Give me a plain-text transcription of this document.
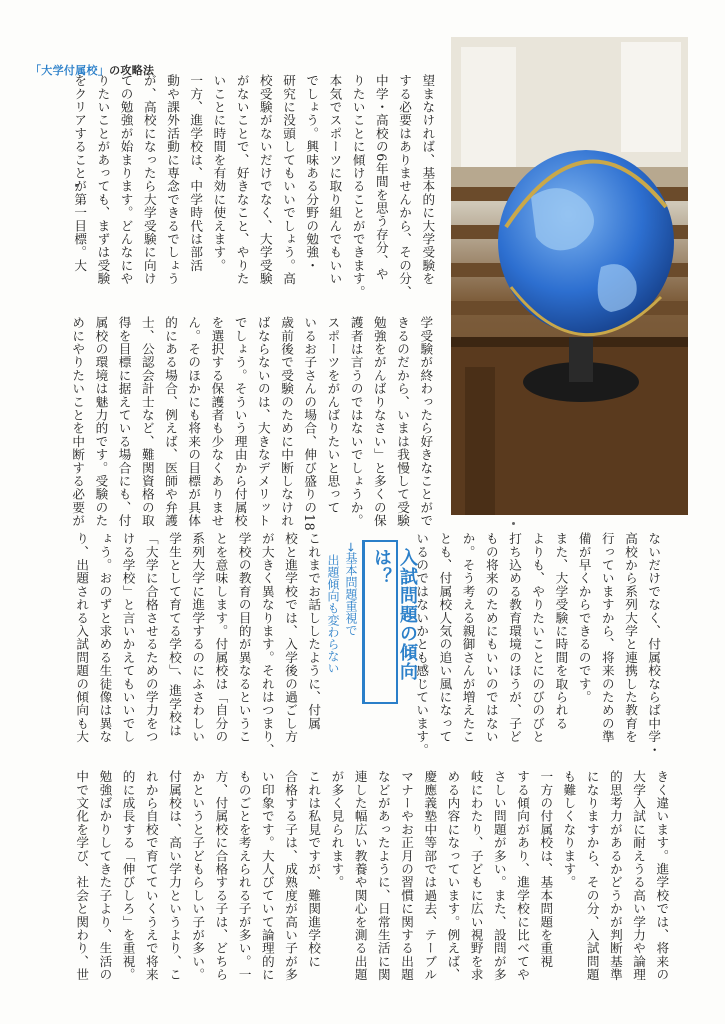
「大学付属校」の攻略法
望まなければ、基本的に大学受験を
する必要はありませんから、その分、
中学・高校の6年間を思う存分、や
りたいことに傾けることができます。
本気でスポーツに取り組んでもいい
でしょう。興味ある分野の勉強・
研究に没頭してもいいでしょう。高
校受験がないだけでなく、大学受験
がないことで、好きなこと、やりた
いことに時間を有効に使えます。
一方、進学校は、中学時代は部活
動や課外活動に専念できるでしょう
が、高校になったら大学受験に向け
ての勉強が始まります。どんなにや
りたいことがあっても、まずは受験
をクリアすることが第一目標。大
学受験が終わったら好きなことがで
きるのだから、いまは我慢して受験
勉強をがんばりなさい」と多くの保
護者は言うのではないでしょうか。
スポーツをがんばりたいと思って
いるお子さんの場合、伸び盛りの18
歳前後で受験のために中断しなけれ
ばならないのは、大きなデメリット
でしょう。そういう理由から付属校
を選択する保護者も少なくありませ
ん。そのほかにも将来の目標が具体
的にある場合、例えば、医師や弁護
士、公認会計士など、難関資格の取
得を目標に据えている場合にも、付
属校の環境は魅力的です。受験のた
めにやりたいことを中断する必要が
入試問題の傾向は？
→基本問題重視で
　出題傾向も変わらない	ないだけでなく、付属校ならば中学・
高校から系列大学と連携した教育を
行っていますから、将来のための準
備が早くからできるのです。
また、大学受験に時間を取られる
よりも、やりたいことにのびのびと
打ち込める教育環境のほうが、子ど
もの将来のためにもいいのではない
か。そう考える親御さんが増えたこ
とも、付属校人気の追い風になって
いるのではないかとも感じています。
これまでお話ししたように、付属
校と進学校では、入学後の過ごし方
が大きく異なります。それはつまり、
学校の教育の目的が異なるというこ
とを意味します。付属校は「自分の
系列大学に進学するのにふさわしい
学生として育てる学校」、進学校は
「大学に合格させるための学力をつ
ける学校」と言いかえてもいいでし
ょう。おのずと求める生徒像は異な
り、出題される入試問題の傾向も大
きく違います。進学校では、将来の
大学入試に耐えうる高い学力や論理
的思考力があるかどうかが判断基準
になりますから、その分、入試問題
も難しくなります。
一方の付属校は、基本問題を重視
する傾向があり、進学校に比べてや
さしい問題が多い。また、設問が多
岐にわたり、子どもに広い視野を求
める内容になっています。例えば、
慶應義塾中等部では過去、テーブル
マナーやお正月の習慣に関する出題
などがあったように、日常生活に関
連した幅広い教養や関心を測る出題
が多く見られます。
これは私見ですが、難関進学校に
合格する子は、成熟度が高い子が多
い印象です。大人びていて論理的に
ものごとを考えられる子が多い。一
方、付属校に合格する子は、どちら
かというと子どもらしい子が多い。
付属校は、高い学力というより、こ
れから自校で育てていくうえで将来
的に成長する「伸びしろ」を重視。
勉強ばかりしてきた子より、生活の
中で文化を学び、社会と関わり、世
